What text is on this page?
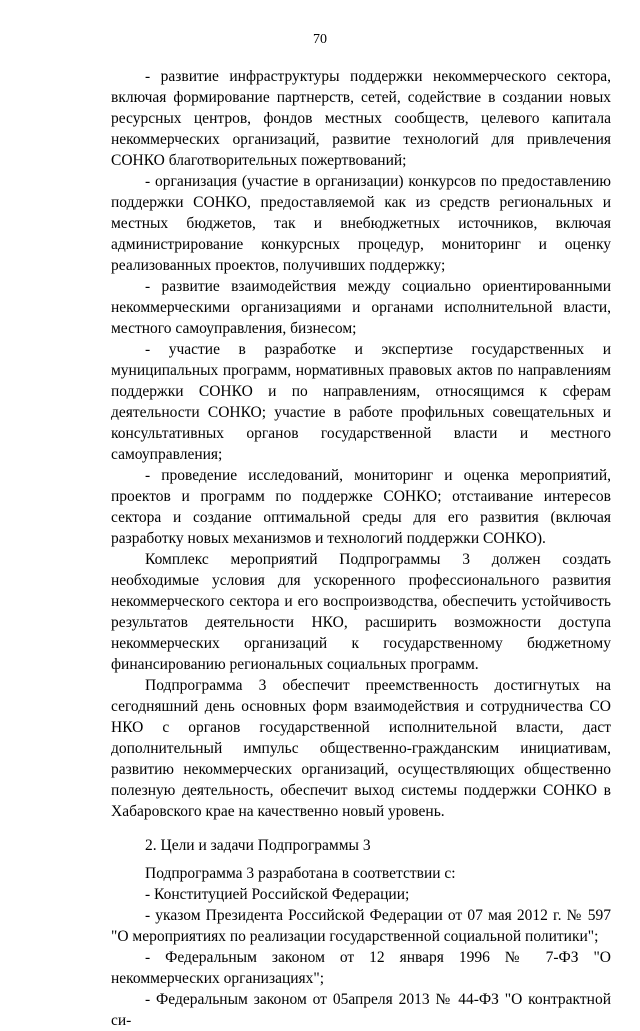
70

- развитие инфраструктуры поддержки некоммерческого сектора, включая формирование партнерств, сетей, содействие в создании новых ресурсных центров, фондов местных сообществ, целевого капитала некоммерческих организаций, развитие технологий для привлечения СОНКО благотворительных пожертвований;

- организация (участие в организации) конкурсов по предоставлению поддержки СОНКО, предоставляемой как из средств региональных и местных бюджетов, так и внебюджетных источников, включая администрирование конкурсных процедур, мониторинг и оценку реализованных проектов, получивших поддержку;

- развитие взаимодействия между социально ориентированными некоммерческими организациями и органами исполнительной власти, местного самоуправления, бизнесом;

- участие в разработке и экспертизе государственных и муниципальных программ, нормативных правовых актов по направлениям поддержки СОНКО и по направлениям, относящимся к сферам деятельности СОНКО; участие в работе профильных совещательных и консультативных органов государственной власти и местного самоуправления;

- проведение исследований, мониторинг и оценка мероприятий, проектов и программ по поддержке СОНКО; отстаивание интересов сектора и создание оптимальной среды для его развития (включая разработку новых механизмов и технологий поддержки СОНКО).

Комплекс мероприятий Подпрограммы 3 должен создать необходимые условия для ускоренного профессионального развития некоммерческого сектора и его воспроизводства, обеспечить устойчивость результатов деятельности НКО, расширить возможности доступа некоммерческих организаций к государственному бюджетному финансированию региональных социальных программ.

Подпрограмма 3 обеспечит преемственность достигнутых на сегодняшний день основных форм взаимодействия и сотрудничества СО НКО с органов государственной исполнительной власти, даст дополнительный импульс общественно-гражданским инициативам, развитию некоммерческих организаций, осуществляющих общественно полезную деятельность, обеспечит выход системы поддержки СОНКО в Хабаровского крае на качественно новый уровень.

2. Цели и задачи Подпрограммы 3

Подпрограмма 3 разработана в соответствии с:

- Конституцией Российской Федерации;

- указом Президента Российской Федерации от 07 мая 2012 г. № 597 "О мероприятиях по реализации государственной социальной политики";

- Федеральным законом от 12 января 1996 № 7-ФЗ "О некоммерческих организациях";

- Федеральным законом от 05апреля 2013 № 44-ФЗ "О контрактной си-
